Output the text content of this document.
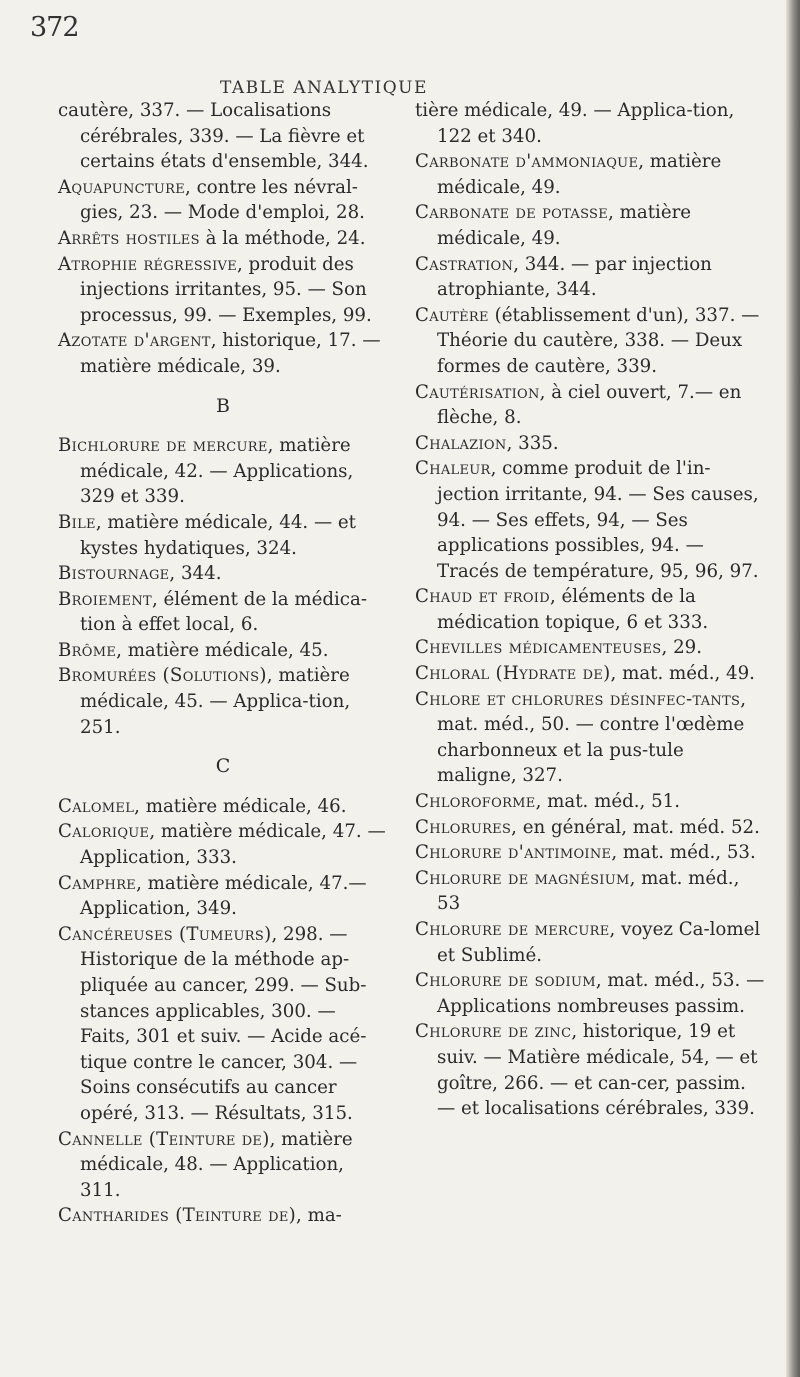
372
TABLE ANALYTIQUE

cautère, 337. — Localisations cérébrales, 339. — La fièvre et certains états d'ensemble, 344.

Aquapuncture, contre les névral-gies, 23. — Mode d'emploi, 28.

Arrêts hostiles à la méthode, 24.

Atrophie régressive, produit des injections irritantes, 95. — Son processus, 99. — Exemples, 99.

Azotate d'argent, historique, 17. — matière médicale, 39.

B

Bichlorure de mercure, matière médicale, 42. — Applications, 329 et 339.

Bile, matière médicale, 44. — et kystes hydatiques, 324.

Bistournage, 344.

Broiement, élément de la médica-tion à effet local, 6.

Brôme, matière médicale, 45.

Bromurées (Solutions), matière médicale, 45. — Applica-tion, 251.

C

Calomel, matière médicale, 46.

Calorique, matière médicale, 47. — Application, 333.

Camphre, matière médicale, 47.— Application, 349.

Cancéreuses (Tumeurs), 298. — Historique de la méthode ap-pliquée au cancer, 299. — Sub-stances applicables, 300. — Faits, 301 et suiv. — Acide acé-tique contre le cancer, 304. — Soins consécutifs au cancer opéré, 313. — Résultats, 315.

Cannelle (Teinture de), matière médicale, 48. — Application, 311.

Cantharides (Teinture de), ma-

tière médicale, 49. — Applica-tion, 122 et 340.

Carbonate d'ammoniaque, matière médicale, 49.

Carbonate de potasse, matière médicale, 49.

Castration, 344. — par injection atrophiante, 344.

Cautère (établissement d'un), 337. — Théorie du cautère, 338. — Deux formes de cautère, 339.

Cautérisation, à ciel ouvert, 7.— en flèche, 8.

Chalazion, 335.

Chaleur, comme produit de l'in-jection irritante, 94. — Ses causes, 94. — Ses effets, 94, — Ses applications possibles, 94. — Tracés de température, 95, 96, 97.

Chaud et froid, éléments de la médication topique, 6 et 333.

Chevilles médicamenteuses, 29.

Chloral (Hydrate de), mat. méd., 49.

Chlore et chlorures désinfec-tants, mat. méd., 50. — contre l'œdème charbonneux et la pus-tule maligne, 327.

Chloroforme, mat. méd., 51.

Chlorures, en général, mat. méd. 52.

Chlorure d'antimoine, mat. méd., 53.

Chlorure de magnésium, mat. méd., 53

Chlorure de mercure, voyez Ca-lomel et Sublimé.

Chlorure de sodium, mat. méd., 53. — Applications nombreuses passim.

Chlorure de zinc, historique, 19 et suiv. — Matière médicale, 54, — et goître, 266. — et can-cer, passim. — et localisations cérébrales, 339.
